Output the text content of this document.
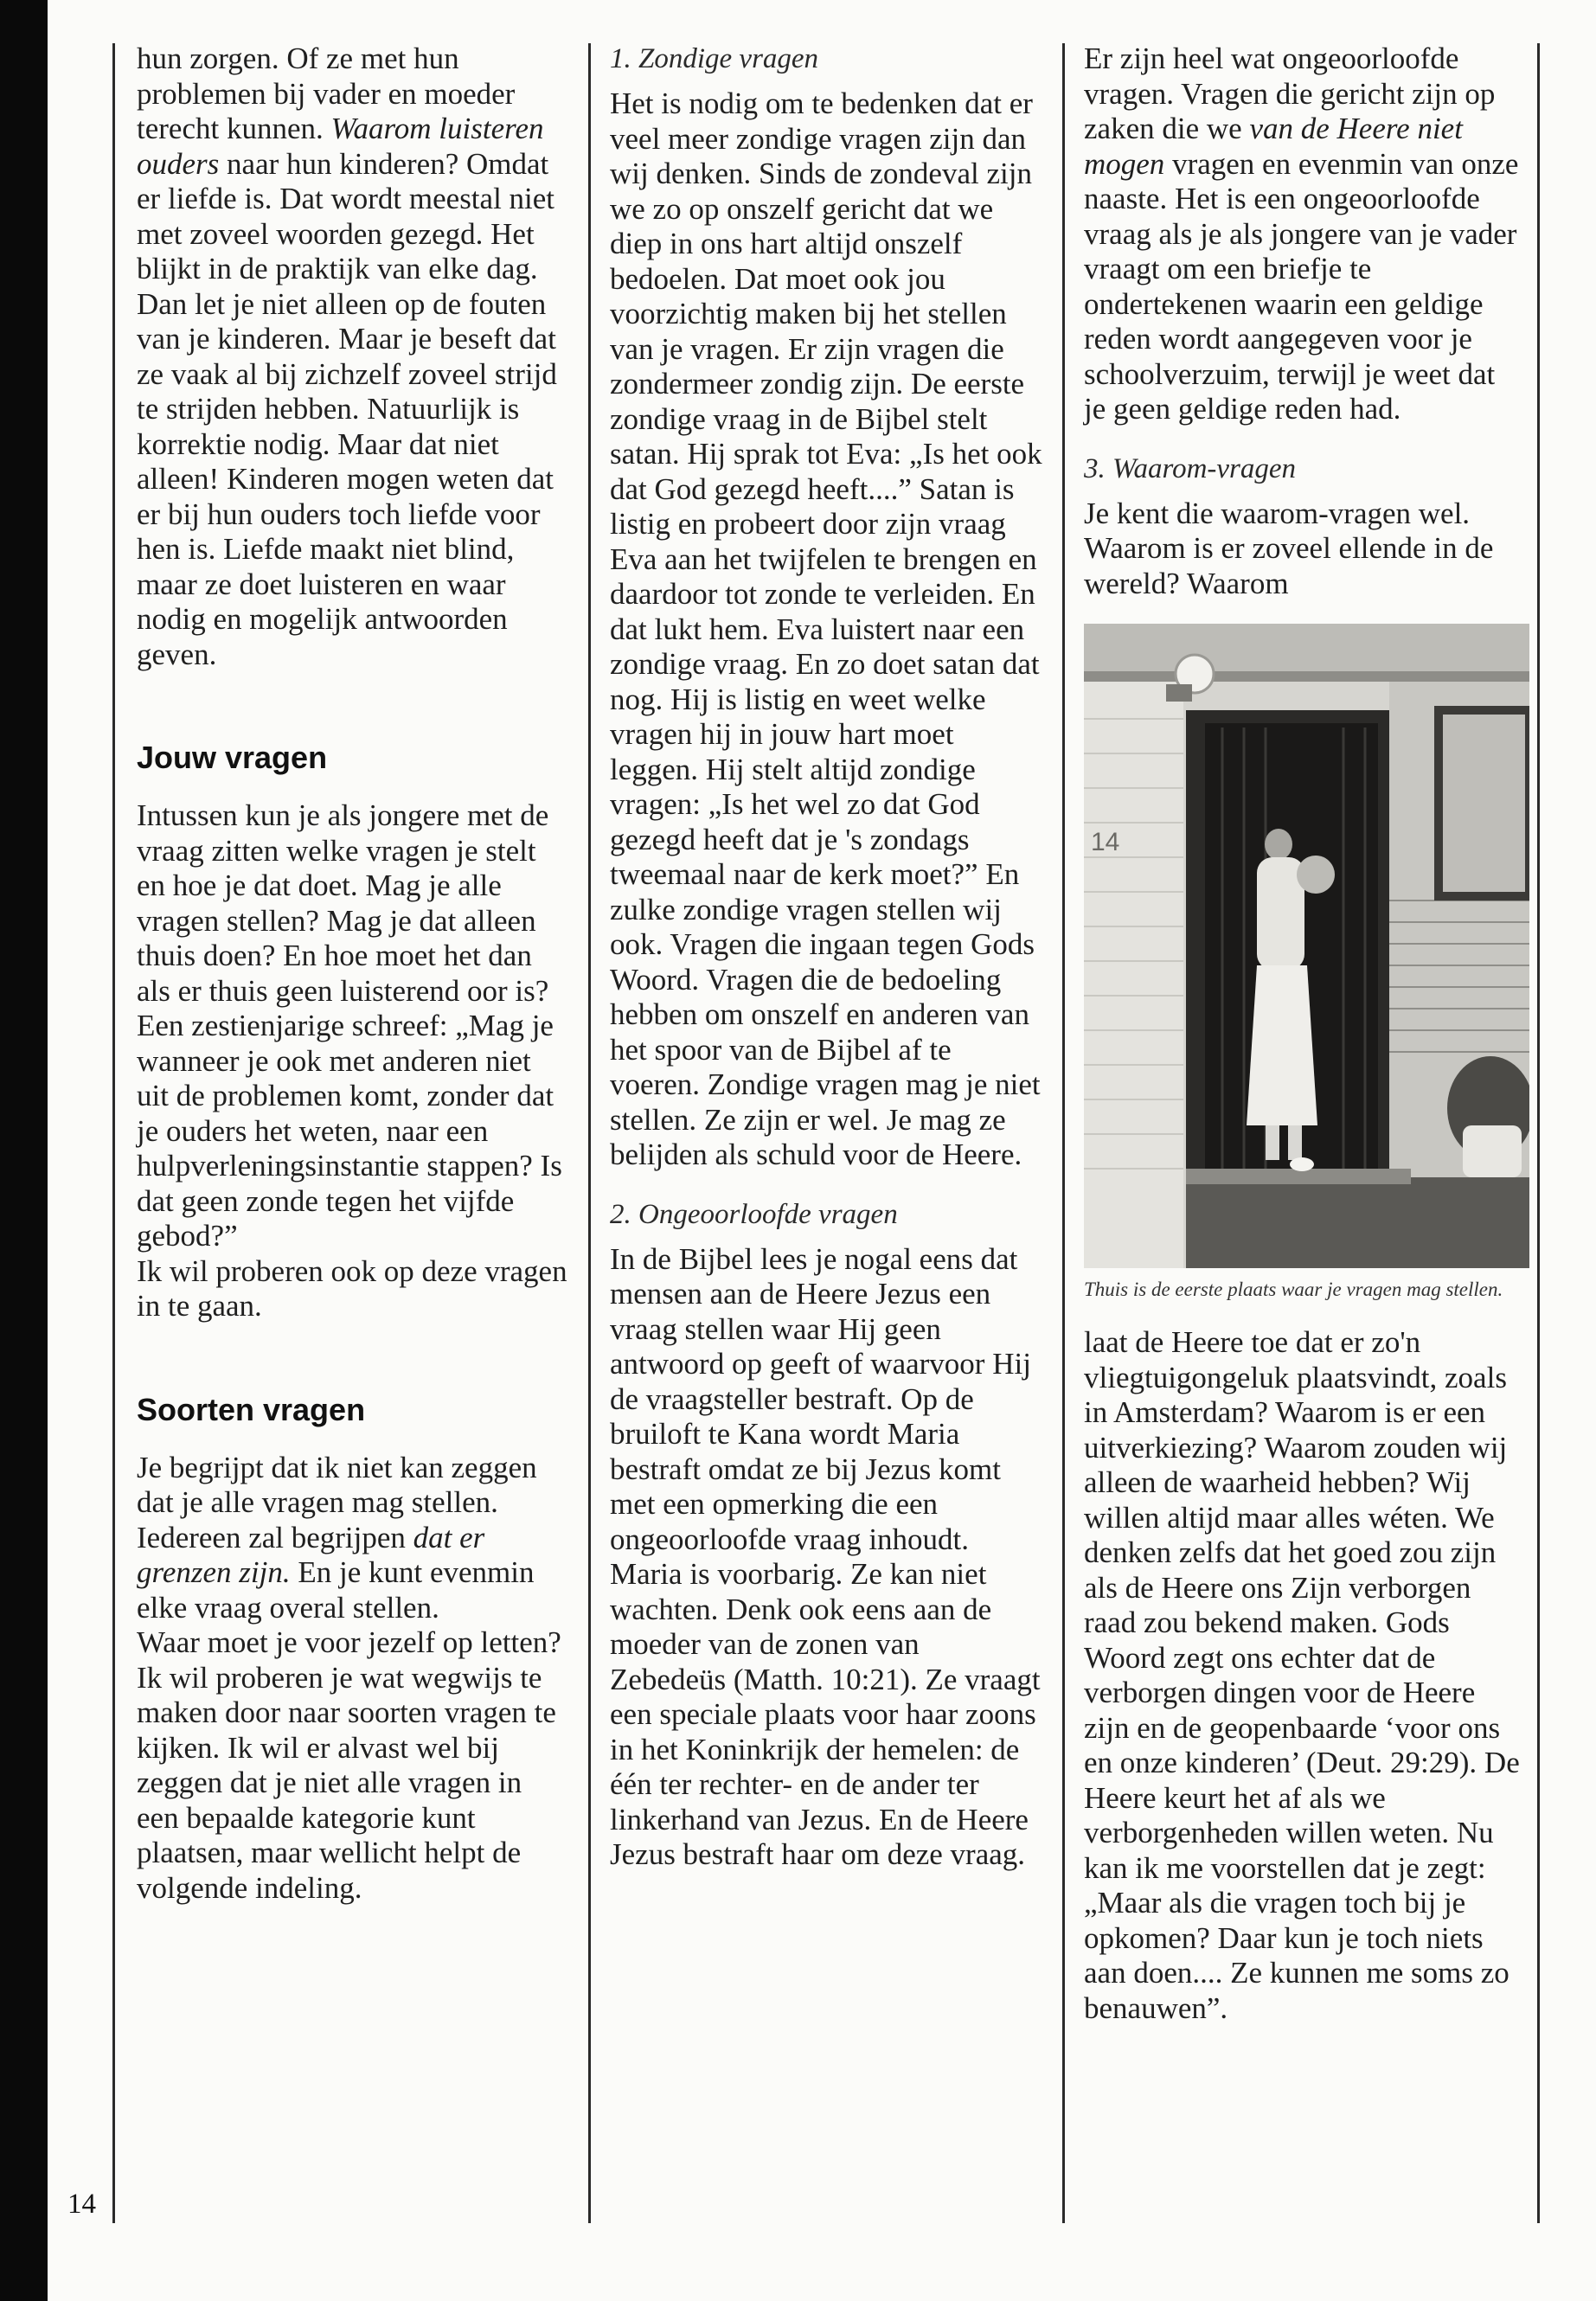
hun zorgen. Of ze met hun problemen bij vader en moeder terecht kunnen. Waarom luisteren ouders naar hun kinderen? Omdat er liefde is. Dat wordt meestal niet met zoveel woorden gezegd. Het blijkt in de praktijk van elke dag. Dan let je niet alleen op de fouten van je kinderen. Maar je beseft dat ze vaak al bij zichzelf zoveel strijd te strijden hebben. Natuurlijk is korrektie nodig. Maar dat niet alleen! Kinderen mogen weten dat er bij hun ouders toch liefde voor hen is. Liefde maakt niet blind, maar ze doet luisteren en waar nodig en mogelijk antwoorden geven.

Jouw vragen

Intussen kun je als jongere met de vraag zitten welke vragen je stelt en hoe je dat doet. Mag je alle vragen stellen? Mag je dat alleen thuis doen? En hoe moet het dan als er thuis geen luisterend oor is? Een zestienjarige schreef: „Mag je wanneer je ook met anderen niet uit de problemen komt, zonder dat je ouders het weten, naar een hulpverleningsinstantie stappen? Is dat geen zonde tegen het vijfde gebod?”

Ik wil proberen ook op deze vragen in te gaan.

Soorten vragen

Je begrijpt dat ik niet kan zeggen dat je alle vragen mag stellen. Iedereen zal begrijpen dat er grenzen zijn. En je kunt evenmin elke vraag overal stellen.

Waar moet je voor jezelf op letten? Ik wil proberen je wat wegwijs te maken door naar soorten vragen te kijken. Ik wil er alvast wel bij zeggen dat je niet alle vragen in een bepaalde kategorie kunt plaatsen, maar wellicht helpt de volgende indeling.

1. Zondige vragen

Het is nodig om te bedenken dat er veel meer zondige vragen zijn dan wij denken. Sinds de zondeval zijn we zo op onszelf gericht dat we diep in ons hart altijd onszelf bedoelen. Dat moet ook jou voorzichtig maken bij het stellen van je vragen. Er zijn vragen die zondermeer zondig zijn. De eerste zondige vraag in de Bijbel stelt satan. Hij sprak tot Eva: „Is het ook dat God gezegd heeft....” Satan is listig en probeert door zijn vraag Eva aan het twijfelen te brengen en daardoor tot zonde te verleiden. En dat lukt hem. Eva luistert naar een zondige vraag. En zo doet satan dat nog. Hij is listig en weet welke vragen hij in jouw hart moet leggen. Hij stelt altijd zondige vragen: „Is het wel zo dat God gezegd heeft dat je 's zondags tweemaal naar de kerk moet?” En zulke zondige vragen stellen wij ook. Vragen die ingaan tegen Gods Woord. Vragen die de bedoeling hebben om onszelf en anderen van het spoor van de Bijbel af te voeren. Zondige vragen mag je niet stellen. Ze zijn er wel. Je mag ze belijden als schuld voor de Heere.

2. Ongeoorloofde vragen

In de Bijbel lees je nogal eens dat mensen aan de Heere Jezus een vraag stellen waar Hij geen antwoord op geeft of waarvoor Hij de vraagsteller bestraft. Op de bruiloft te Kana wordt Maria bestraft omdat ze bij Jezus komt met een opmerking die een ongeoorloofde vraag inhoudt. Maria is voorbarig. Ze kan niet wachten. Denk ook eens aan de moeder van de zonen van Zebedeüs (Matth. 10:21). Ze vraagt een speciale plaats voor haar zoons in het Koninkrijk der hemelen: de één ter rechter- en de ander ter linkerhand van Jezus. En de Heere Jezus bestraft haar om deze vraag.

Er zijn heel wat ongeoorloofde vragen. Vragen die gericht zijn op zaken die we van de Heere niet mogen vragen en evenmin van onze naaste. Het is een ongeoorloofde vraag als je als jongere van je vader vraagt om een briefje te ondertekenen waarin een geldige reden wordt aangegeven voor je schoolverzuim, terwijl je weet dat je geen geldige reden had.

3. Waarom-vragen

Je kent die waarom-vragen wel. Waarom is er zoveel ellende in de wereld? Waarom

14

Thuis is de eerste plaats waar je vragen mag stellen.

laat de Heere toe dat er zo'n vliegtuigongeluk plaatsvindt, zoals in Amsterdam? Waarom is er een uitverkiezing? Waarom zouden wij alleen de waarheid hebben? Wij willen altijd maar alles wéten. We denken zelfs dat het goed zou zijn als de Heere ons Zijn verborgen raad zou bekend maken. Gods Woord zegt ons echter dat de verborgen dingen voor de Heere zijn en de geopenbaarde ‘voor ons en onze kinderen’ (Deut. 29:29). De Heere keurt het af als we verborgenheden willen weten. Nu kan ik me voorstellen dat je zegt: „Maar als die vragen toch bij je opkomen? Daar kun je toch niets aan doen.... Ze kunnen me soms zo benauwen”.

14
